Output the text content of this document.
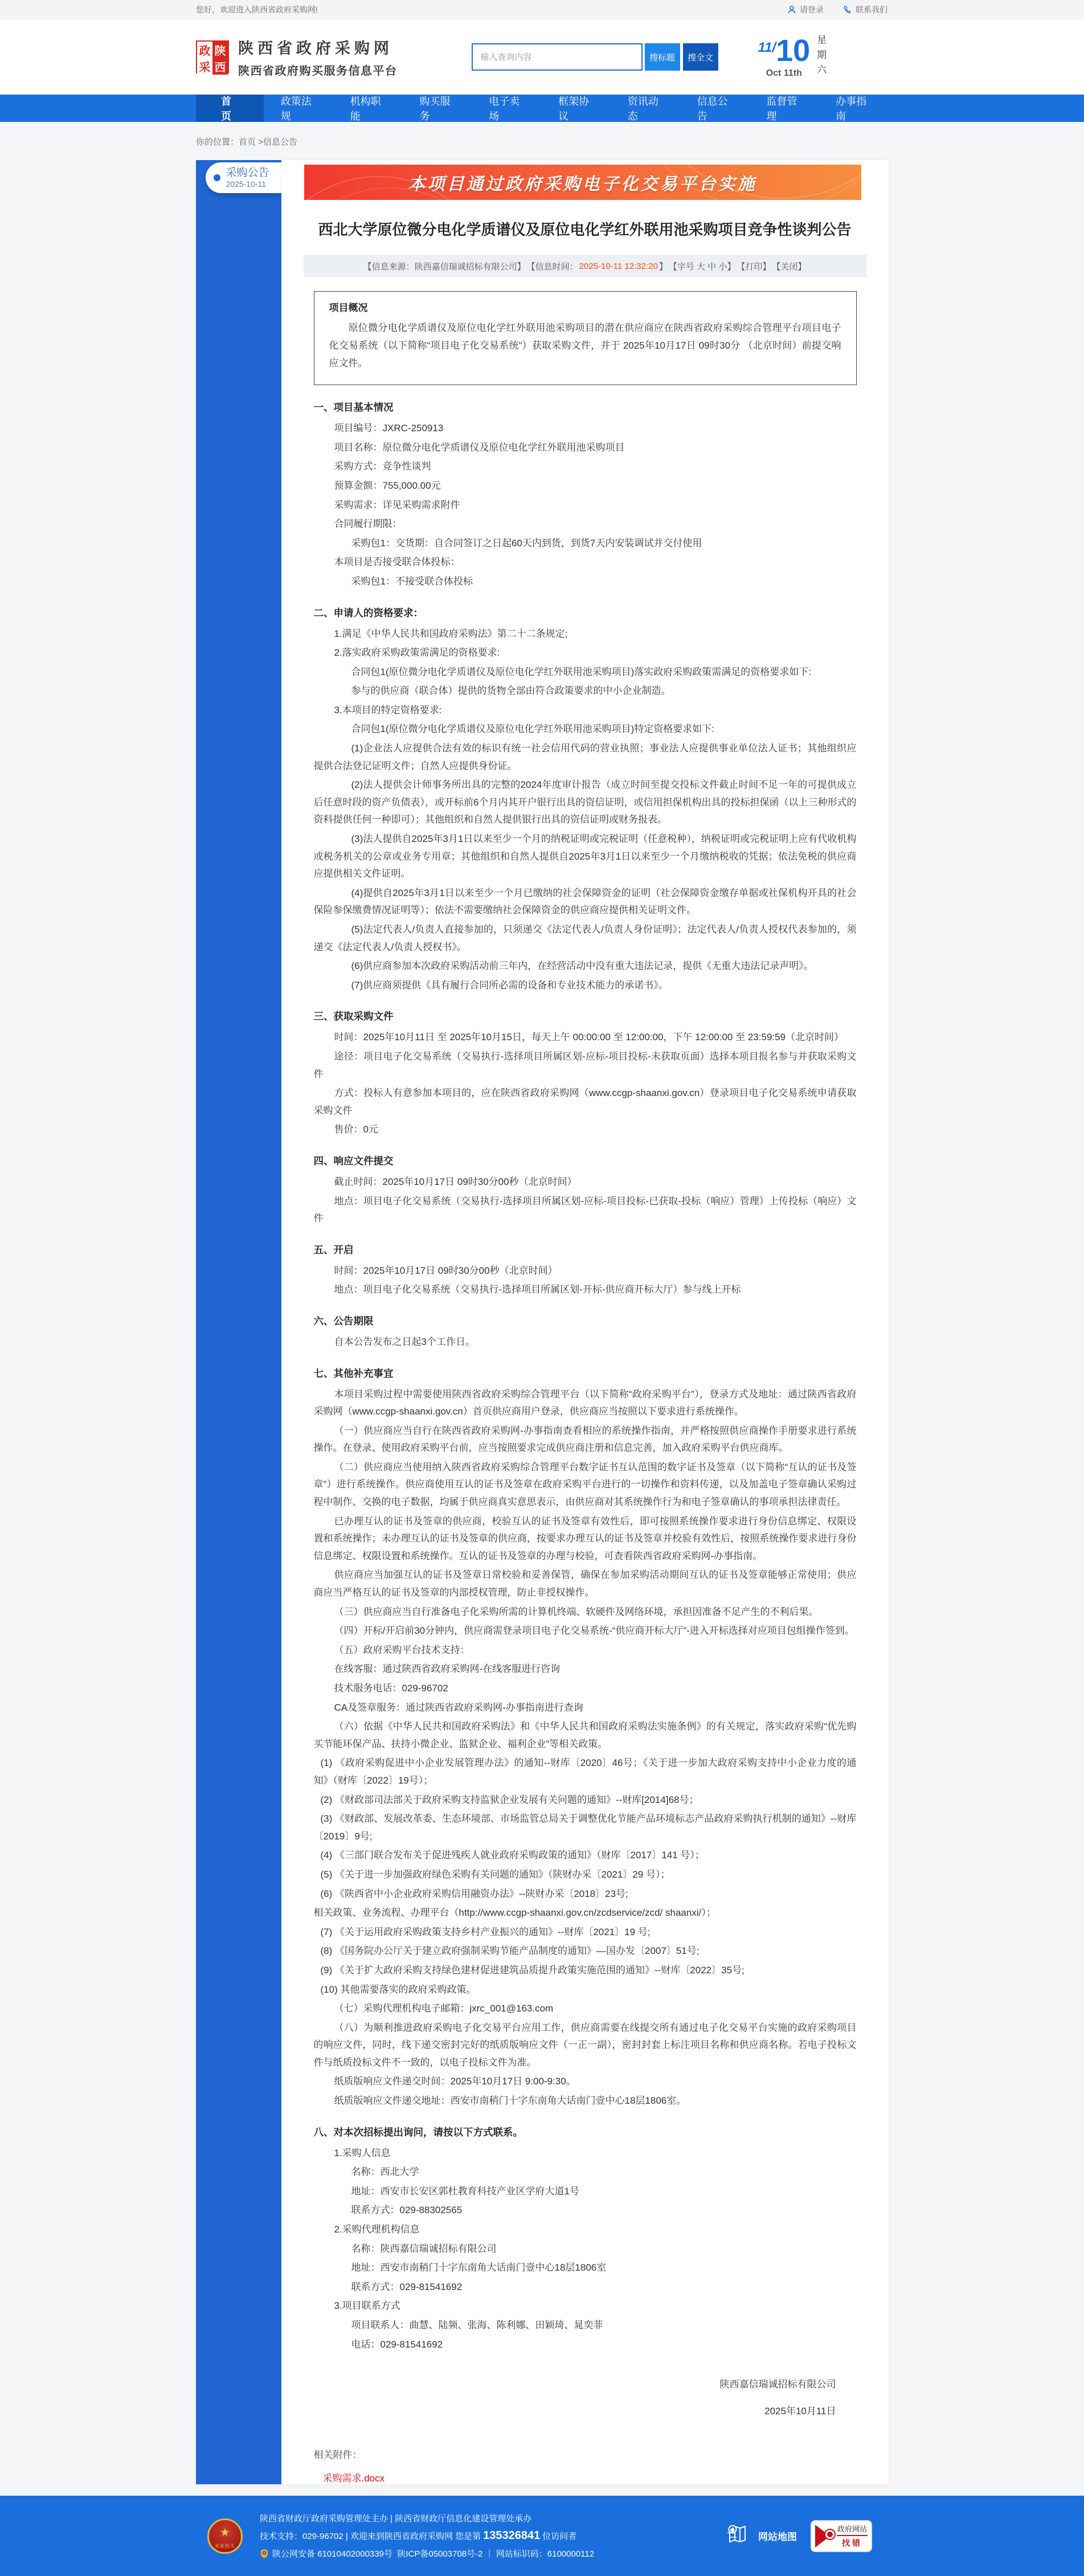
您好，欢迎进入陕西省政府采购网!	请登录	联系我们
政 陕
采 西
陕西省政府采购网
陕西省政府购买服务信息平台
输入查询内容
搜标题	搜全文
11/ 10
Oct 11th
星
期
六
首页
政策法规
机构职能
购买服务
电子卖场
框架协议
资讯动态
信息公告
监督管理
办事指南
你的位置：首页 >信息公告
采购公告
2025-10-11	本项目通过政府采购电子化交易平台实施
西北大学原位微分电化学质谱仪及原位电化学红外联用池采购项目竞争性谈判公告
【信息来源：陕西嘉信瑞诚招标有限公司】 【信息时间： 2025-10-11 12:32:20 】 【字号 大 中 小】 【打印】 【关闭】
项目概况
原位微分电化学质谱仪及原位电化学红外联用池采购项目的潜在供应商应在陕西省政府采购综合管理平台项目电子化交易系统（以下简称“项目电子化交易系统”）获取采购文件，并于 2025年10月17日 09时30分 （北京时间）前提交响应文件。
一、项目基本情况

项目编号：JXRC-250913

项目名称：原位微分电化学质谱仪及原位电化学红外联用池采购项目

采购方式：竞争性谈判

预算金额：755,000.00元

采购需求：详见采购需求附件

合同履行期限：

采购包1：交货期：自合同签订之日起60天内到货，到货7天内安装调试并交付使用

本项目是否接受联合体投标：

采购包1：不接受联合体投标

二、申请人的资格要求：

1.满足《中华人民共和国政府采购法》第二十二条规定;

2.落实政府采购政策需满足的资格要求:

合同包1(原位微分电化学质谱仪及原位电化学红外联用池采购项目)落实政府采购政策需满足的资格要求如下:

参与的供应商（联合体）提供的货物全部由符合政策要求的中小企业制造。

3.本项目的特定资格要求:

合同包1(原位微分电化学质谱仪及原位电化学红外联用池采购项目)特定资格要求如下:

(1)企业法人应提供合法有效的标识有统一社会信用代码的营业执照；事业法人应提供事业单位法人证书；其他组织应提供合法登记证明文件；自然人应提供身份证。

(2)法人提供会计师事务所出具的完整的2024年度审计报告（成立时间至提交投标文件截止时间不足一年的可提供成立后任意时段的资产负债表），或开标前6个月内其开户银行出具的资信证明，或信用担保机构出具的投标担保函（以上三种形式的资料提供任何一种即可）；其他组织和自然人提供银行出具的资信证明或财务报表。

(3)法人提供自2025年3月1日以来至少一个月的纳税证明或完税证明（任意税种），纳税证明或完税证明上应有代收机构或税务机关的公章或业务专用章；其他组织和自然人提供自2025年3月1日以来至少一个月缴纳税收的凭据；依法免税的供应商应提供相关文件证明。

(4)提供自2025年3月1日以来至少一个月已缴纳的社会保障资金的证明（社会保障资金缴存单据或社保机构开具的社会保险参保缴费情况证明等）；依法不需要缴纳社会保障资金的供应商应提供相关证明文件。

(5)法定代表人/负责人直接参加的，只须递交《法定代表人/负责人身份证明》；法定代表人/负责人授权代表参加的，须递交《法定代表人/负责人授权书》。

(6)供应商参加本次政府采购活动前三年内，在经营活动中没有重大违法记录，提供《无重大违法记录声明》。

(7)供应商须提供《具有履行合同所必需的设备和专业技术能力的承诺书》。

三、获取采购文件

时间：2025年10月11日 至 2025年10月15日，每天上午 00:00:00 至 12:00:00，下午 12:00:00 至 23:59:59（北京时间）

途径：项目电子化交易系统（交易执行-选择项目所属区划-应标-项目投标-未获取页面）选择本项目报名参与并获取采购文件

方式：投标人有意参加本项目的，应在陕西省政府采购网（www.ccgp-shaanxi.gov.cn）登录项目电子化交易系统申请获取采购文件

售价：0元

四、响应文件提交

截止时间：2025年10月17日 09时30分00秒（北京时间）

地点：项目电子化交易系统（交易执行-选择项目所属区划-应标-项目投标-已获取-投标（响应）管理）上传投标（响应）文件

五、开启

时间：2025年10月17日 09时30分00秒（北京时间）

地点：项目电子化交易系统（交易执行-选择项目所属区划-开标-供应商开标大厅）参与线上开标

六、公告期限

自本公告发布之日起3个工作日。

七、其他补充事宜

本项目采购过程中需要使用陕西省政府采购综合管理平台（以下简称“政府采购平台”），登录方式及地址：通过陕西省政府采购网（www.ccgp-shaanxi.gov.cn）首页供应商用户登录，供应商应当按照以下要求进行系统操作。

（一）供应商应当自行在陕西省政府采购网-办事指南查看相应的系统操作指南，并严格按照供应商操作手册要求进行系统操作。在登录、使用政府采购平台前，应当按照要求完成供应商注册和信息完善，加入政府采购平台供应商库。

（二）供应商应当使用纳入陕西省政府采购综合管理平台数字证书互认范围的数字证书及签章（以下简称“互认的证书及签章”）进行系统操作。供应商使用互认的证书及签章在政府采购平台进行的一切操作和资料传递，以及加盖电子签章确认采购过程中制作、交换的电子数据，均属于供应商真实意思表示，由供应商对其系统操作行为和电子签章确认的事项承担法律责任。

已办理互认的证书及签章的供应商，校验互认的证书及签章有效性后，即可按照系统操作要求进行身份信息绑定、权限设置和系统操作；未办理互认的证书及签章的供应商，按要求办理互认的证书及签章并校验有效性后，按照系统操作要求进行身份信息绑定、权限设置和系统操作。互认的证书及签章的办理与校验，可查看陕西省政府采购网-办事指南。

供应商应当加强互认的证书及签章日常校验和妥善保管，确保在参加采购活动期间互认的证书及签章能够正常使用；供应商应当严格互认的证书及签章的内部授权管理，防止非授权操作。

（三）供应商应当自行准备电子化采购所需的计算机终端、软硬件及网络环境，承担因准备不足产生的不利后果。

（四）开标/开启前30分钟内，供应商需登录项目电子化交易系统-“供应商开标大厅”-进入开标选择对应项目包组操作签到。

（五）政府采购平台技术支持：

在线客服：通过陕西省政府采购网-在线客服进行咨询

技术服务电话：029-96702

CA及签章服务：通过陕西省政府采购网-办事指南进行查询

（六）依据《中华人民共和国政府采购法》和《中华人民共和国政府采购法实施条例》的有关规定，落实政府采购“优先购买节能环保产品、扶持小微企业、监狱企业、福利企业”等相关政策。

(1) 《政府采购促进中小企业发展管理办法》的通知--财库〔2020〕46号；《关于进一步加大政府采购支持中小企业力度的通知》（财库〔2022〕19号）；

(2) 《财政部司法部关于政府采购支持监狱企业发展有关问题的通知》--财库[2014]68号；

(3) 《财政部、发展改革委、生态环境部、市场监管总局关于调整优化节能产品环境标志产品政府采购执行机制的通知》--财库〔2019〕9号;

(4) 《三部门联合发布关于促进残疾人就业政府采购政策的通知》（财库〔2017〕141 号）；

(5) 《关于进一步加强政府绿色采购有关问题的通知》（陕财办采〔2021〕29 号）；

(6) 《陕西省中小企业政府采购信用融资办法》--陕财办采〔2018〕23号;

相关政策、业务流程、办理平台（http://www.ccgp-shaanxi.gov.cn/zcdservice/zcd/ shaanxi/）；

(7) 《关于运用政府采购政策支持乡村产业振兴的通知》--财库〔2021〕19 号;

(8) 《国务院办公厅关于建立政府强制采购节能产品制度的通知》—国办发〔2007〕51号;

(9) 《关于扩大政府采购支持绿色建材促进建筑品质提升政策实施范围的通知》--财库〔2022〕35号;

(10) 其他需要落实的政府采购政策。

（七）采购代理机构电子邮箱：jxrc_001@163.com

（八）为顺利推进政府采购电子化交易平台应用工作，供应商需要在线提交所有通过电子化交易平台实施的政府采购项目的响应文件，同时，线下递交密封完好的纸质版响应文件（一正一副），密封封套上标注项目名称和供应商名称。若电子投标文件与纸质投标文件不一致的，以电子投标文件为准。

纸质版响应文件递交时间：2025年10月17日 9:00-9:30。

纸质版响应文件递交地址：西安市南稍门十字东南角大话南门壹中心18层1806室。

八、对本次招标提出询问，请按以下方式联系。

1.采购人信息

名称：西北大学

地址：西安市长安区郭杜教育科技产业区学府大道1号

联系方式：029-88302565

2.采购代理机构信息

名称：陕西嘉信瑞诚招标有限公司

地址：西安市南稍门十字东南角大话南门壹中心18层1806室

联系方式：029-81541692

3.项目联系方式

项目联系人：曲慧、陆频、张海、陈利娜、田颖琦、晁奕菲

电话：029-81541692

陕西嘉信瑞诚招标有限公司
2025年10月11日
相关附件：
采购需求.docx
★
党政机关
陕西省财政厅政府采购管理处主办 | 陕西省财政厅信息化建设管理处承办
技术支持：029-96702 | 欢迎来到陕西省政府采购网 您是第 135326841 位访问者
陕公网安备 61010402000339号
陕ICP备05003708号-2
｜
网站标识码：6100000112
网站地图
政府网站
找错
